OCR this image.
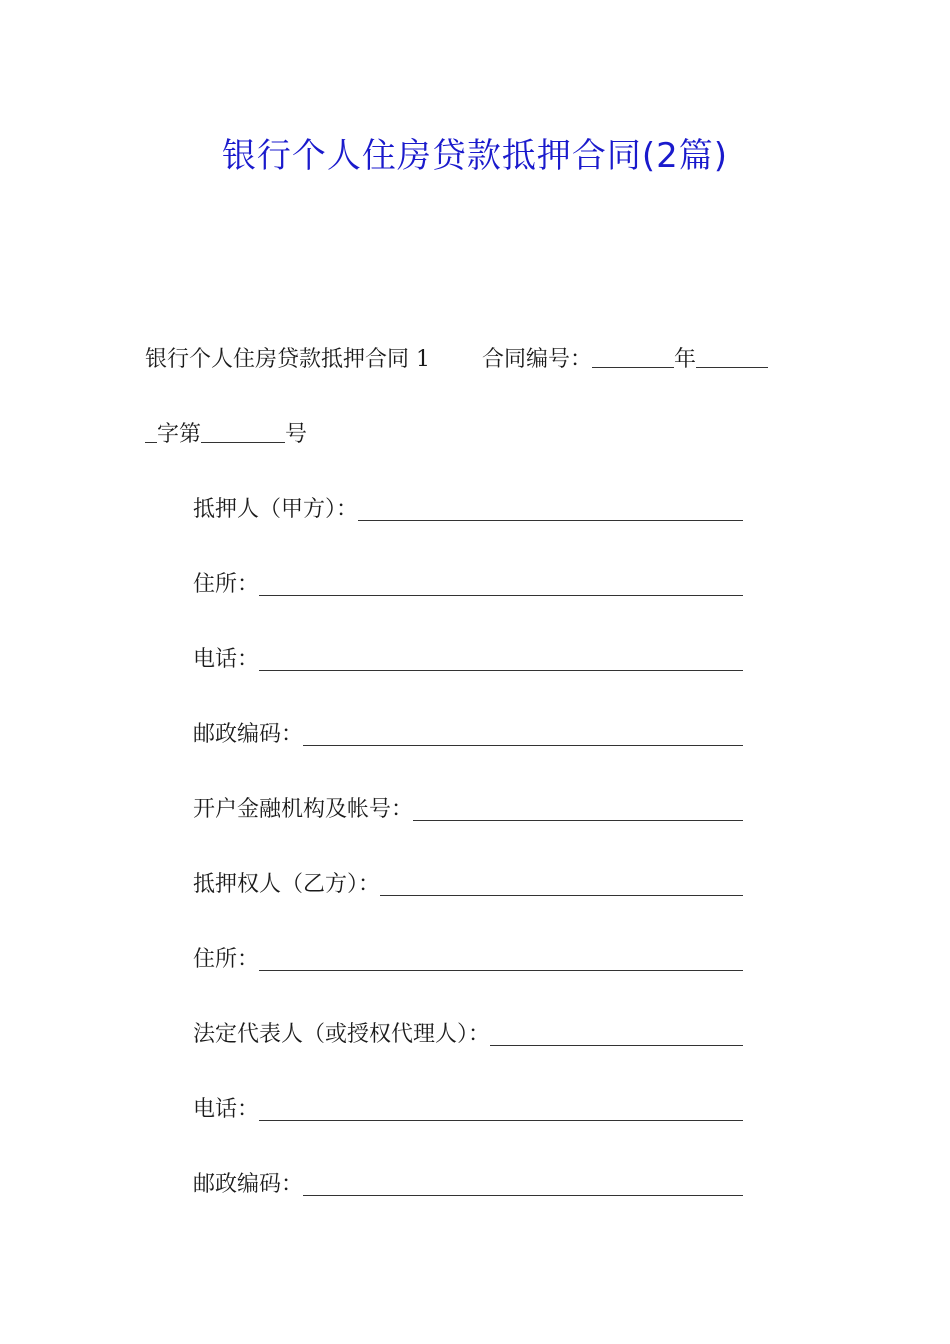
银行个人住房贷款抵押合同(2篇)
银行个人住房贷款抵押合同 1 合同编号：	年
字第	号
抵押人（甲方）：
住所：
电话：
邮政编码：
开户金融机构及帐号：
抵押权人（乙方）：
住所：
法定代表人（或授权代理人）：
电话：
邮政编码：
